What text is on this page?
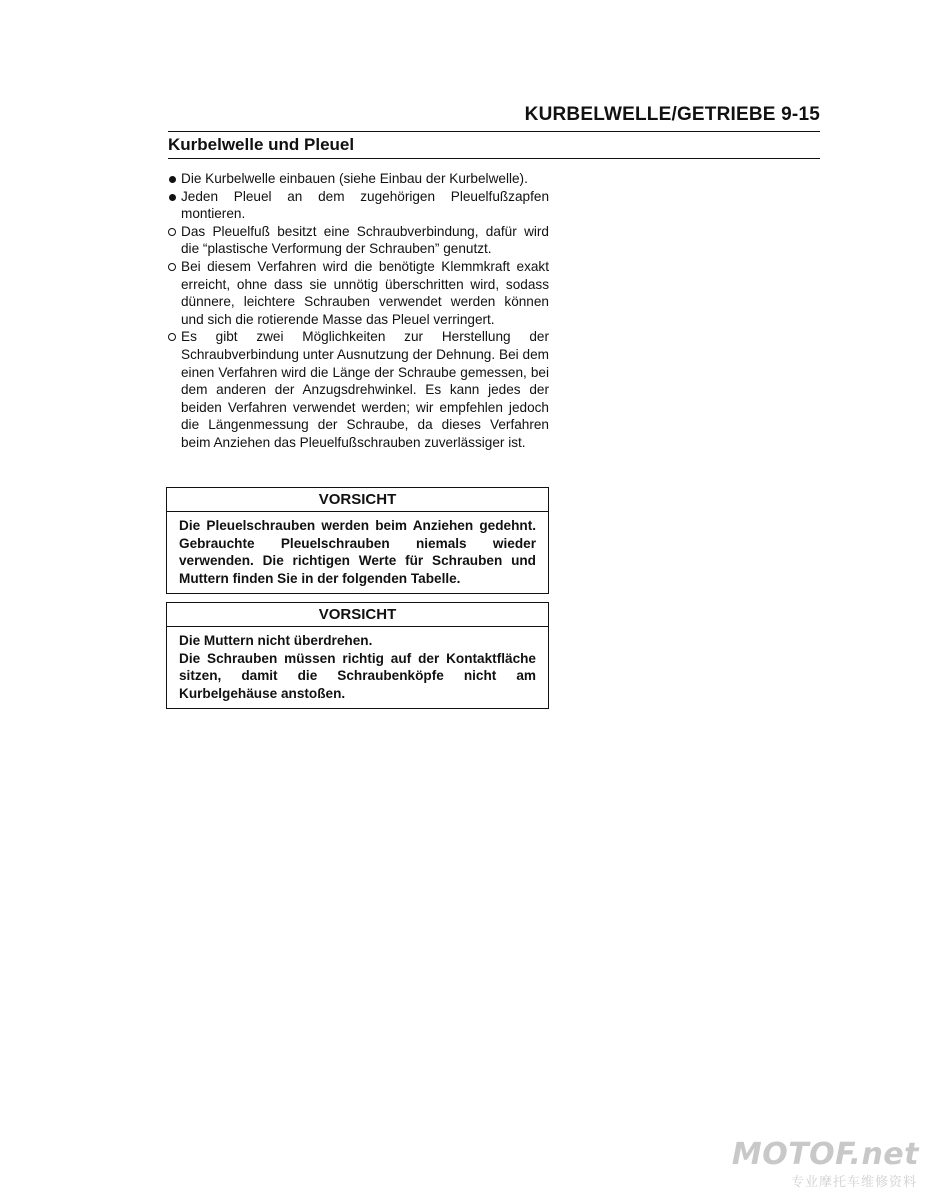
KURBELWELLE/GETRIEBE 9-15
Kurbelwelle und Pleuel
Die Kurbelwelle einbauen (siehe Einbau der Kurbelwelle).
Jeden Pleuel an dem zugehörigen Pleuelfußzapfen montieren.
Das Pleuelfuß besitzt eine Schraubverbindung, dafür wird die “plastische Verformung der Schrauben” genutzt.
Bei diesem Verfahren wird die benötigte Klemmkraft exakt erreicht, ohne dass sie unnötig überschritten wird, sodass dünnere, leichtere Schrauben verwendet werden können und sich die rotierende Masse das Pleuel verringert.
Es gibt zwei Möglichkeiten zur Herstellung der Schraubverbindung unter Ausnutzung der Dehnung. Bei dem einen Verfahren wird die Länge der Schraube gemessen, bei dem anderen der Anzugsdrehwinkel. Es kann jedes der beiden Verfahren verwendet werden; wir empfehlen jedoch die Längenmessung der Schraube, da dieses Verfahren beim Anziehen das Pleuelfußschrauben zuverlässiger ist.
VORSICHT
Die Pleuelschrauben werden beim Anziehen gedehnt. Gebrauchte Pleuelschrauben niemals wieder verwenden. Die richtigen Werte für Schrauben und Muttern finden Sie in der folgenden Tabelle.
VORSICHT
Die Muttern nicht überdrehen.
Die Schrauben müssen richtig auf der Kontaktfläche sitzen, damit die Schraubenköpfe nicht am Kurbelgehäuse anstoßen.
MOTOF.net
专业摩托车维修资料
